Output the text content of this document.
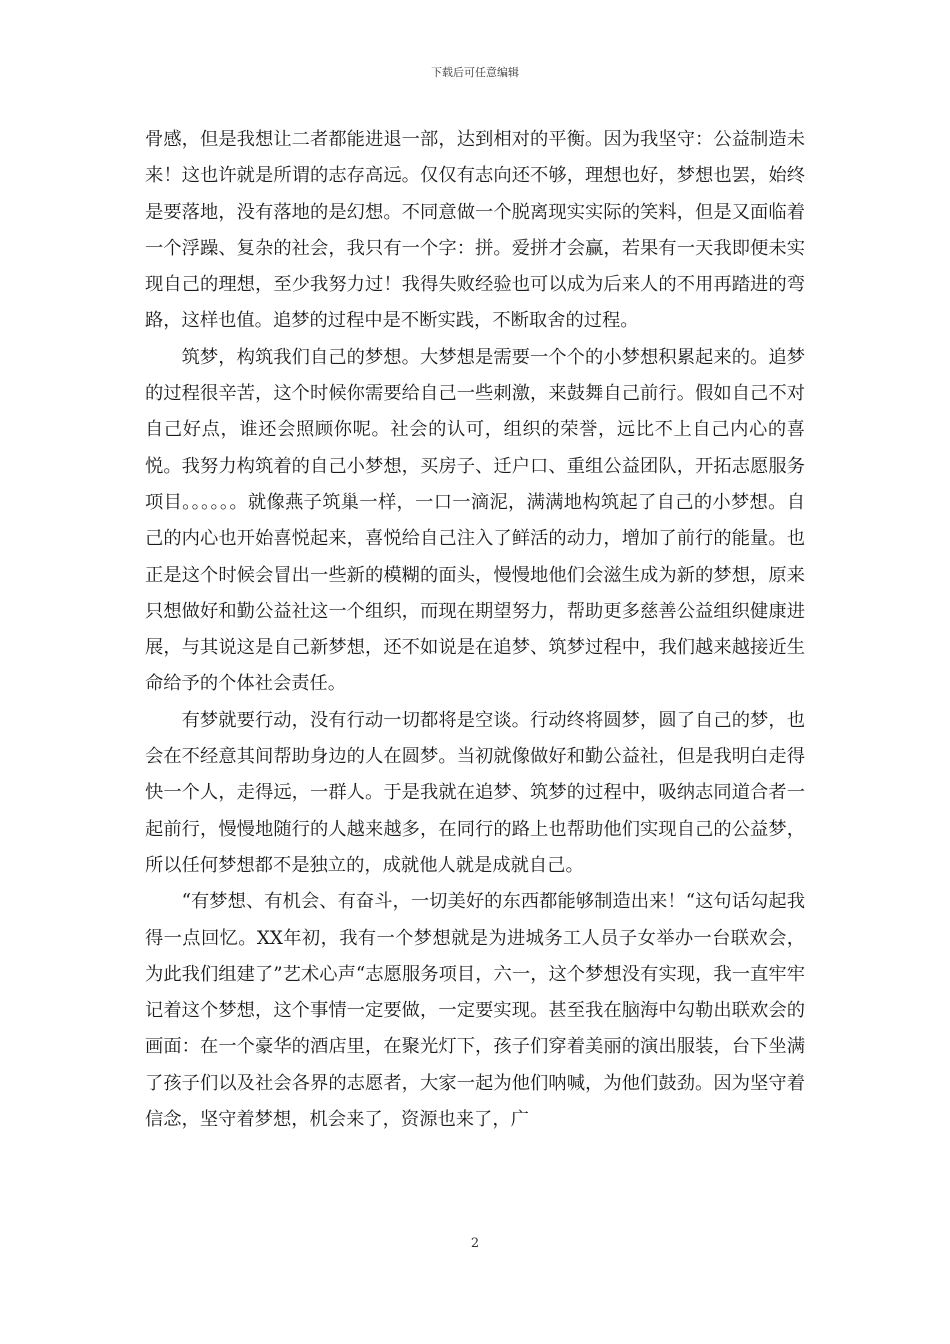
下载后可任意编辑

骨感，但是我想让二者都能进退一部，达到相对的平衡。因为我坚守：公益制造未来！这也许就是所谓的志存高远。仅仅有志向还不够，理想也好，梦想也罢，始终是要落地，没有落地的是幻想。不同意做一个脱离现实实际的笑料，但是又面临着一个浮躁、复杂的社会，我只有一个字：拼。爱拼才会赢，若果有一天我即便未实现自己的理想，至少我努力过！我得失败经验也可以成为后来人的不用再踏进的弯路，这样也值。追梦的过程中是不断实践，不断取舍的过程。

筑梦，构筑我们自己的梦想。大梦想是需要一个个的小梦想积累起来的。追梦的过程很辛苦，这个时候你需要给自己一些刺激，来鼓舞自己前行。假如自己不对自己好点，谁还会照顾你呢。社会的认可，组织的荣誉，远比不上自己内心的喜悦。我努力构筑着的自己小梦想，买房子、迁户口、重组公益团队，开拓志愿服务项目。。。。。。就像燕子筑巢一样，一口一滴泥，满满地构筑起了自己的小梦想。自己的内心也开始喜悦起来，喜悦给自己注入了鲜活的动力，增加了前行的能量。也正是这个时候会冒出一些新的模糊的面头，慢慢地他们会滋生成为新的梦想，原来只想做好和勤公益社这一个组织，而现在期望努力，帮助更多慈善公益组织健康进展，与其说这是自己新梦想，还不如说是在追梦、筑梦过程中，我们越来越接近生命给予的个体社会责任。

有梦就要行动，没有行动一切都将是空谈。行动终将圆梦，圆了自己的梦，也会在不经意其间帮助身边的人在圆梦。当初就像做好和勤公益社，但是我明白走得快一个人，走得远，一群人。于是我就在追梦、筑梦的过程中，吸纳志同道合者一起前行，慢慢地随行的人越来越多，在同行的路上也帮助他们实现自己的公益梦，所以任何梦想都不是独立的，成就他人就是成就自己。

“有梦想、有机会、有奋斗，一切美好的东西都能够制造出来！“这句话勾起我得一点回忆。XX年初，我有一个梦想就是为进城务工人员子女举办一台联欢会，为此我们组建了”艺术心声“志愿服务项目，六一，这个梦想没有实现，我一直牢牢记着这个梦想，这个事情一定要做，一定要实现。甚至我在脑海中勾勒出联欢会的画面：在一个豪华的酒店里，在聚光灯下，孩子们穿着美丽的演出服装，台下坐满了孩子们以及社会各界的志愿者，大家一起为他们呐喊，为他们鼓劲。因为坚守着信念，坚守着梦想，机会来了，资源也来了，广

2
